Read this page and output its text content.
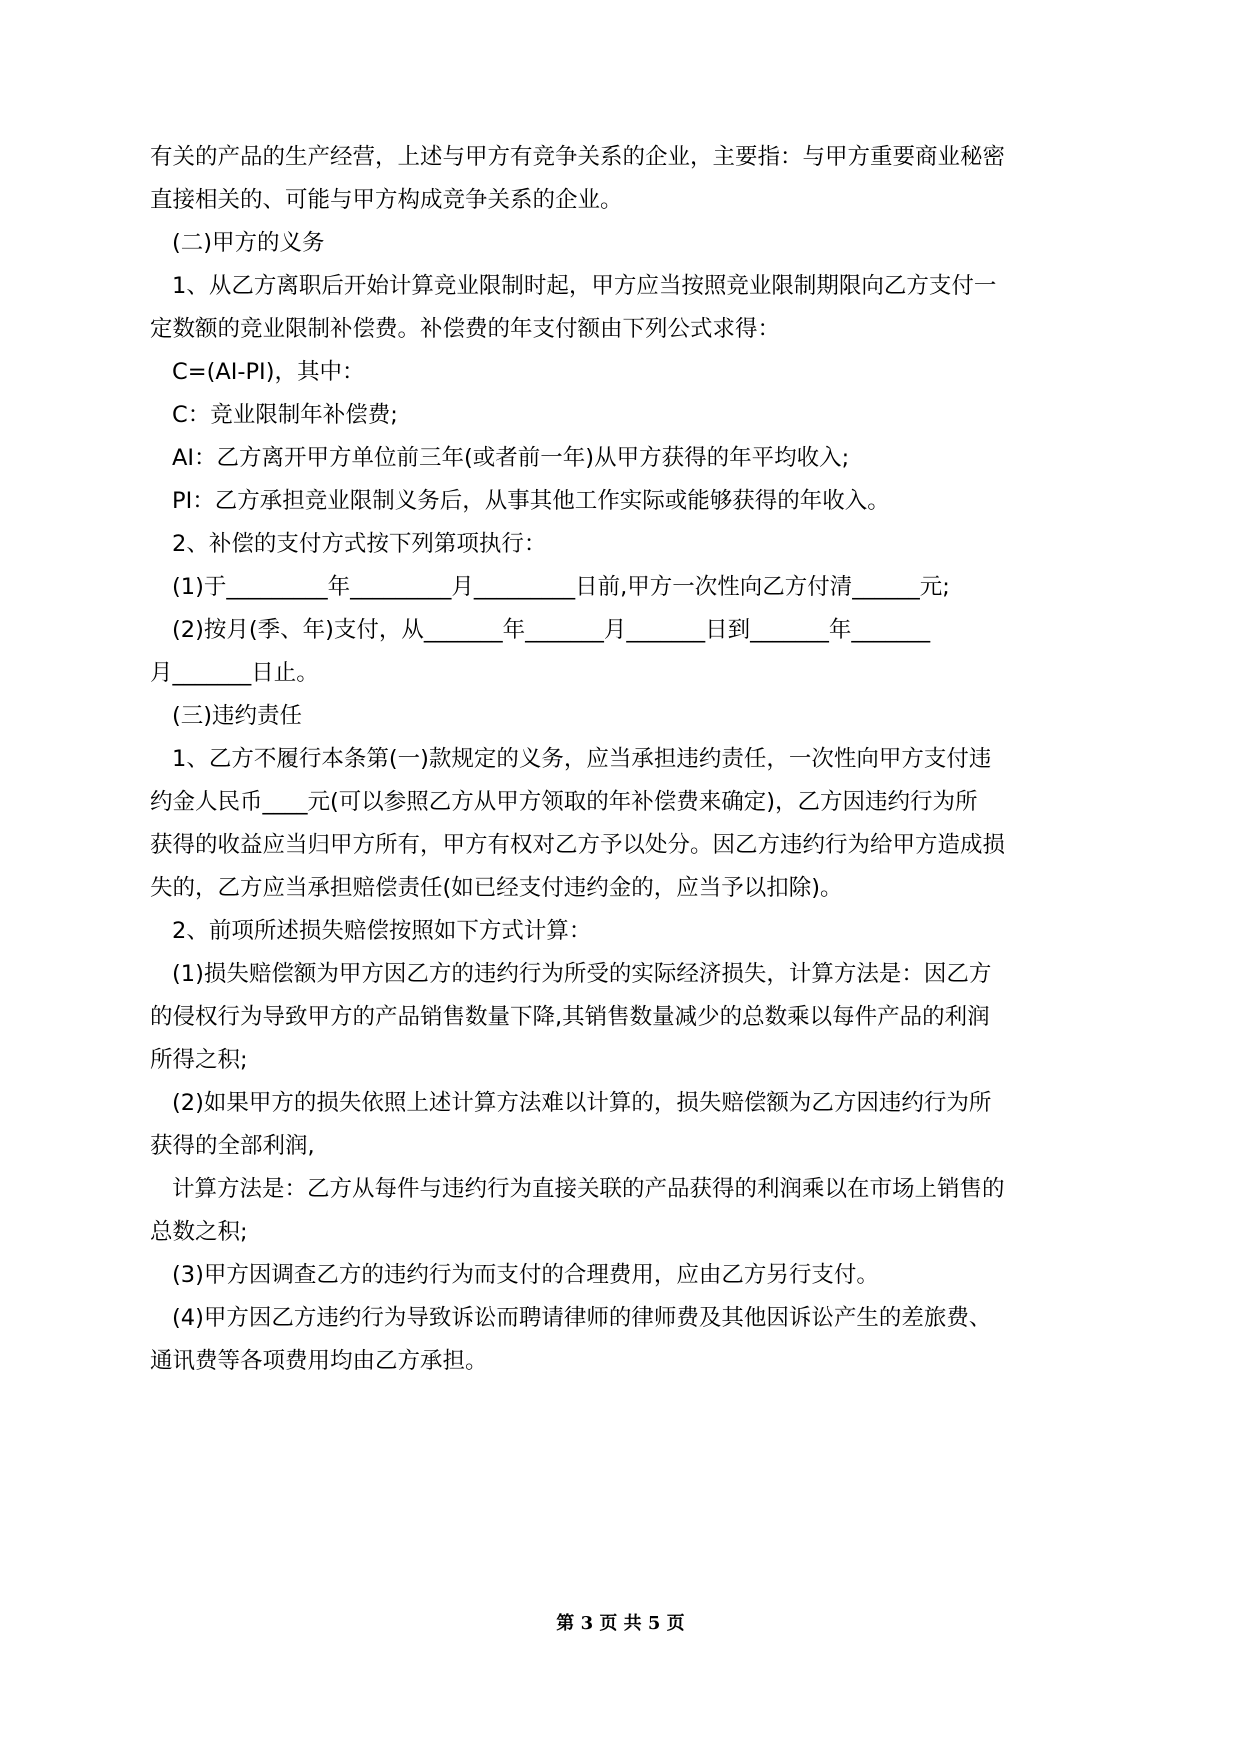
有关的产品的生产经营，上述与甲方有竞争关系的企业，主要指：与甲方重要商业秘密
直接相关的、可能与甲方构成竞争关系的企业。
(二)甲方的义务
1、从乙方离职后开始计算竞业限制时起，甲方应当按照竞业限制期限向乙方支付一
定数额的竞业限制补偿费。补偿费的年支付额由下列公式求得：
C=(AI-PI)，其中：
C：竞业限制年补偿费;
AI：乙方离开甲方单位前三年(或者前一年)从甲方获得的年平均收入;
PI：乙方承担竞业限制义务后，从事其他工作实际或能够获得的年收入。
2、补偿的支付方式按下列第项执行：
(1)于_________年_________月_________日前,甲方一次性向乙方付清______元;
(2)按月(季、年)支付，从_______年_______月_______日到_______年_______
月_______日止。
(三)违约责任
1、乙方不履行本条第(一)款规定的义务，应当承担违约责任，一次性向甲方支付违
约金人民币____元(可以参照乙方从甲方领取的年补偿费来确定)，乙方因违约行为所
获得的收益应当归甲方所有，甲方有权对乙方予以处分。因乙方违约行为给甲方造成损
失的，乙方应当承担赔偿责任(如已经支付违约金的，应当予以扣除)。
2、前项所述损失赔偿按照如下方式计算：
(1)损失赔偿额为甲方因乙方的违约行为所受的实际经济损失，计算方法是：因乙方
的侵权行为导致甲方的产品销售数量下降,其销售数量减少的总数乘以每件产品的利润
所得之积;
(2)如果甲方的损失依照上述计算方法难以计算的，损失赔偿额为乙方因违约行为所
获得的全部利润,
计算方法是：乙方从每件与违约行为直接关联的产品获得的利润乘以在市场上销售的
总数之积;
(3)甲方因调查乙方的违约行为而支付的合理费用，应由乙方另行支付。
(4)甲方因乙方违约行为导致诉讼而聘请律师的律师费及其他因诉讼产生的差旅费、
通讯费等各项费用均由乙方承担。
第 3 页 共 5 页
